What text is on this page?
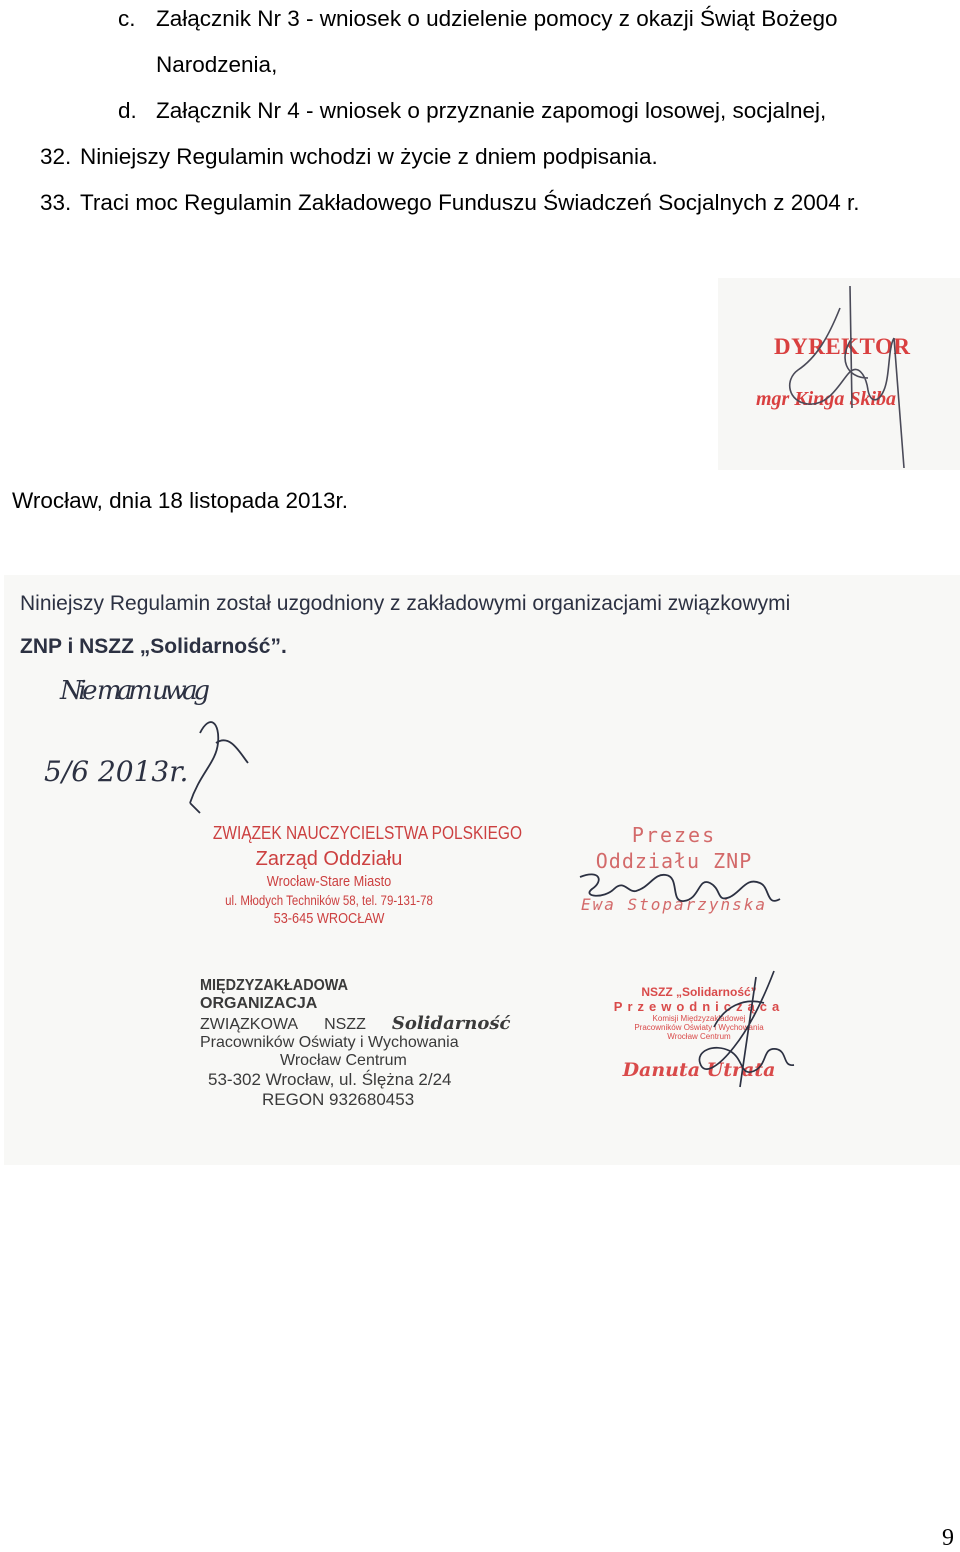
c. Załącznik Nr 3 - wniosek o udzielenie pomocy z okazji Świąt Bożego
Narodzenia,
d. Załącznik Nr 4 - wniosek o przyznanie zapomogi losowej, socjalnej,
32. Niniejszy Regulamin wchodzi w życie z dniem podpisania.
33. Traci moc Regulamin Zakładowego Funduszu Świadczeń Socjalnych z 2004 r.
DYREKTOR
mgr Kinga Skiba
Wrocław, dnia 18 listopada 2013r.
Niniejszy Regulamin został uzgodniony z zakładowymi organizacjami związkowymi
ZNP i NSZZ „Solidarność”.
Nie mam uwag
5/6 2013r.
ZWIĄZEK NAUCZYCIELSTWA POLSKIEGO
Zarząd Oddziału
Wrocław-Stare Miasto
ul. Młodych Techników 58, tel. 79-131-78
53-645 WROCŁAW
Prezes
Oddziału ZNP
Ewa Stoparzyńska
MIĘDZYZAKŁADOWA
ORGANIZACJA
ZWIĄZKOWA NSZZ Solidarność
Pracowników Oświaty i Wychowania
Wrocław Centrum
53-302 Wrocław, ul. Ślężna 2/24
REGON 932680453
NSZZ „Solidarność”
Przewodnicząca
Komisji Międzyzakładowej
Pracowników Oświaty i Wychowania
Wrocław Centrum
Danuta Utrata
9
